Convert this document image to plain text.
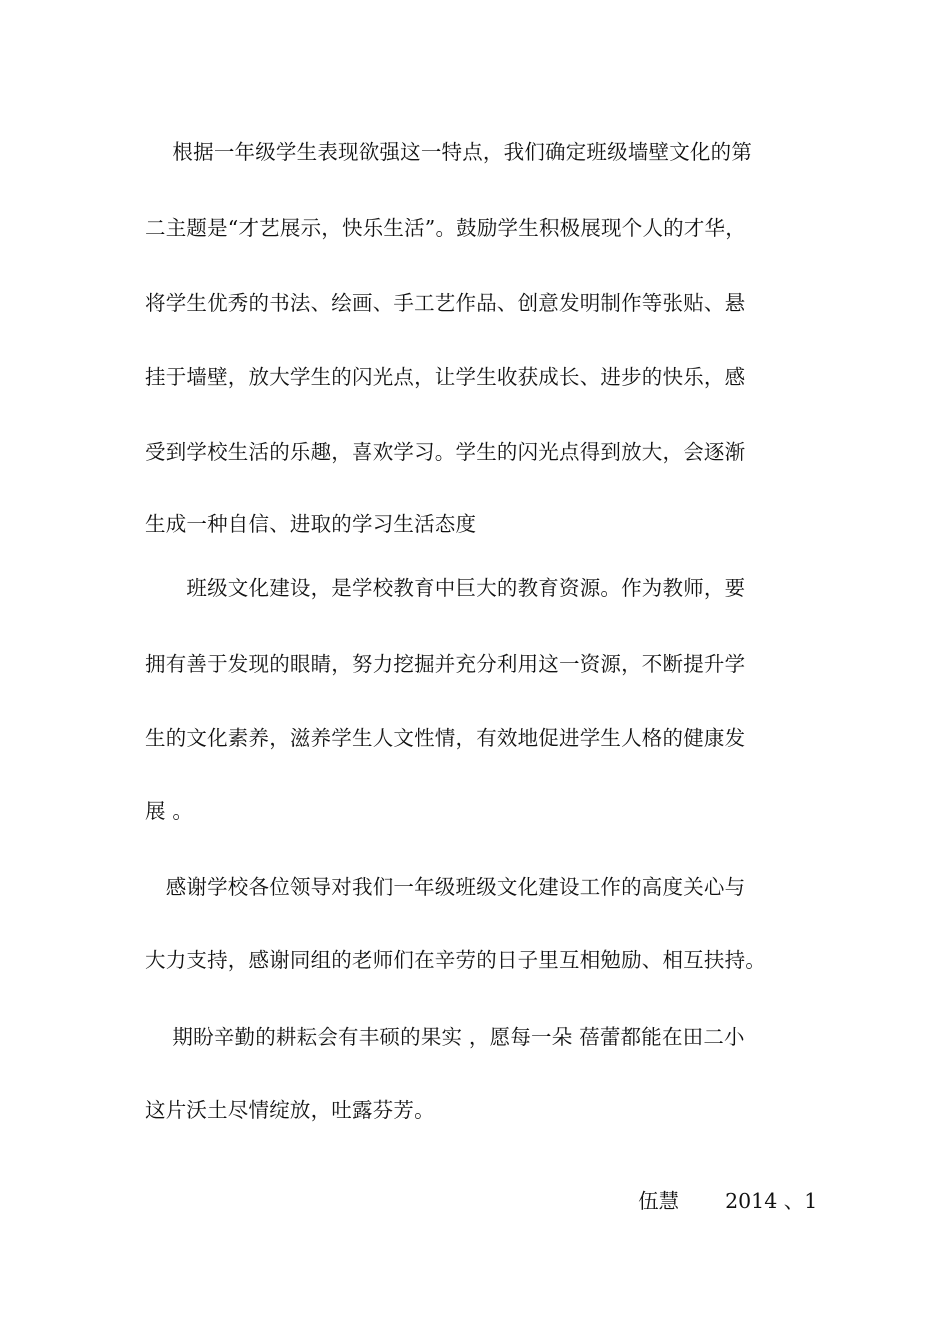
　 根据一年级学生表现欲强这一特点，我们确定班级墙壁文化的第
二主题是“才艺展示，快乐生活”。鼓励学生积极展现个人的才华，
将学生优秀的书法、绘画、手工艺作品、创意发明制作等张贴、悬
挂于墙壁，放大学生的闪光点，让学生收获成长、进步的快乐，感
受到学校生活的乐趣，喜欢学习。学生的闪光点得到放大，会逐渐
生成一种自信、进取的学习生活态度
　　班级文化建设，是学校教育中巨大的教育资源。作为教师，要
拥有善于发现的眼睛，努力挖掘并充分利用这一资源，不断提升学
生的文化素养，滋养学生人文性情，有效地促进学生人格的健康发
展 。
　感谢学校各位领导对我们一年级班级文化建设工作的高度关心与
大力支持，感谢同组的老师们在辛劳的日子里互相勉励、相互扶持。
　 期盼辛勤的耕耘会有丰硕的果实 ，愿每一朵 蓓蕾都能在田二小
这片沃土尽情绽放，吐露芬芳。

伍慧 2014 、1
